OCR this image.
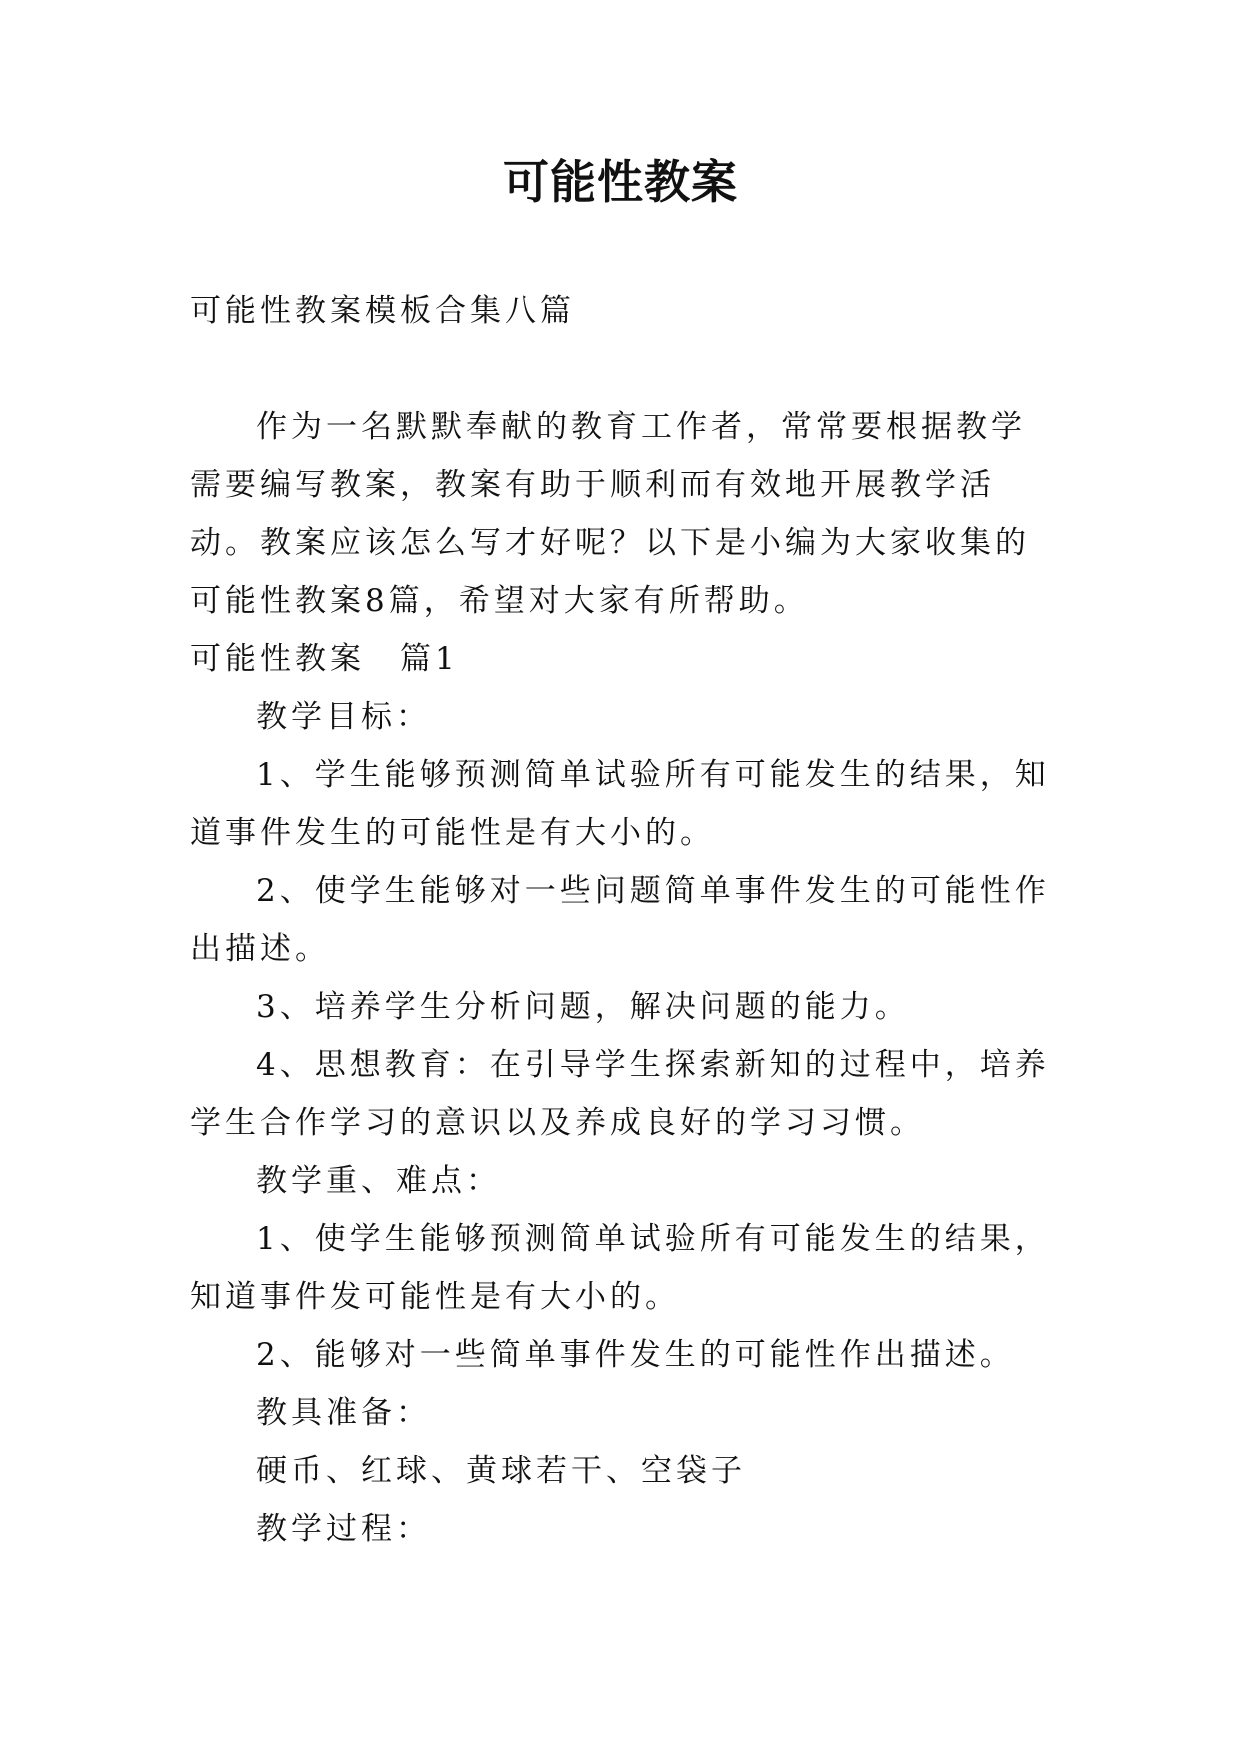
可能性教案

可能性教案模板合集八篇

作为一名默默奉献的教育工作者，常常要根据教学需要编写教案，教案有助于顺利而有效地开展教学活动。教案应该怎么写才好呢？以下是小编为大家收集的可能性教案8篇，希望对大家有所帮助。

可能性教案　篇1

教学目标：

1、学生能够预测简单试验所有可能发生的结果，知道事件发生的可能性是有大小的。

2、使学生能够对一些问题简单事件发生的可能性作出描述。

3、培养学生分析问题，解决问题的能力。

4、思想教育：在引导学生探索新知的过程中，培养学生合作学习的意识以及养成良好的学习习惯。

教学重、难点：

1、使学生能够预测简单试验所有可能发生的结果，知道事件发可能性是有大小的。

2、能够对一些简单事件发生的可能性作出描述。

教具准备：

硬币、红球、黄球若干、空袋子

教学过程：
